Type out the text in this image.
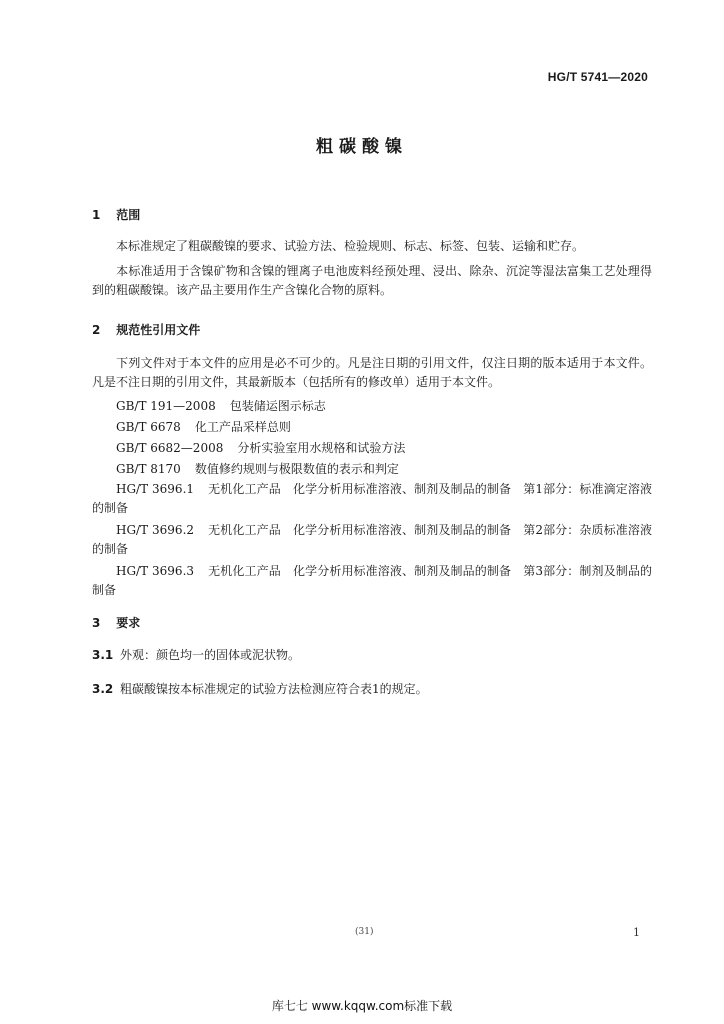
HG/T 5741—2020
粗碳酸镍
1 范围
本标准规定了粗碳酸镍的要求、试验方法、检验规则、标志、标签、包装、运输和贮存。
本标准适用于含镍矿物和含镍的锂离子电池废料经预处理、浸出、除杂、沉淀等湿法富集工艺处理得到的粗碳酸镍。该产品主要用作生产含镍化合物的原料。
2 规范性引用文件
下列文件对于本文件的应用是必不可少的。凡是注日期的引用文件，仅注日期的版本适用于本文件。凡是不注日期的引用文件，其最新版本（包括所有的修改单）适用于本文件。
GB/T 191—2008 包装储运图示标志
GB/T 6678 化工产品采样总则
GB/T 6682—2008 分析实验室用水规格和试验方法
GB/T 8170 数值修约规则与极限数值的表示和判定
HG/T 3696.1 无机化工产品　化学分析用标准溶液、制剂及制品的制备　第1部分：标准滴定溶液的制备
HG/T 3696.2 无机化工产品　化学分析用标准溶液、制剂及制品的制备　第2部分：杂质标准溶液的制备
HG/T 3696.3 无机化工产品　化学分析用标准溶液、制剂及制品的制备　第3部分：制剂及制品的制备
3 要求
3.1 外观：颜色均一的固体或泥状物。
3.2 粗碳酸镍按本标准规定的试验方法检测应符合表1的规定。
(31)	1
库七七 www.kqqw.com标准下载
